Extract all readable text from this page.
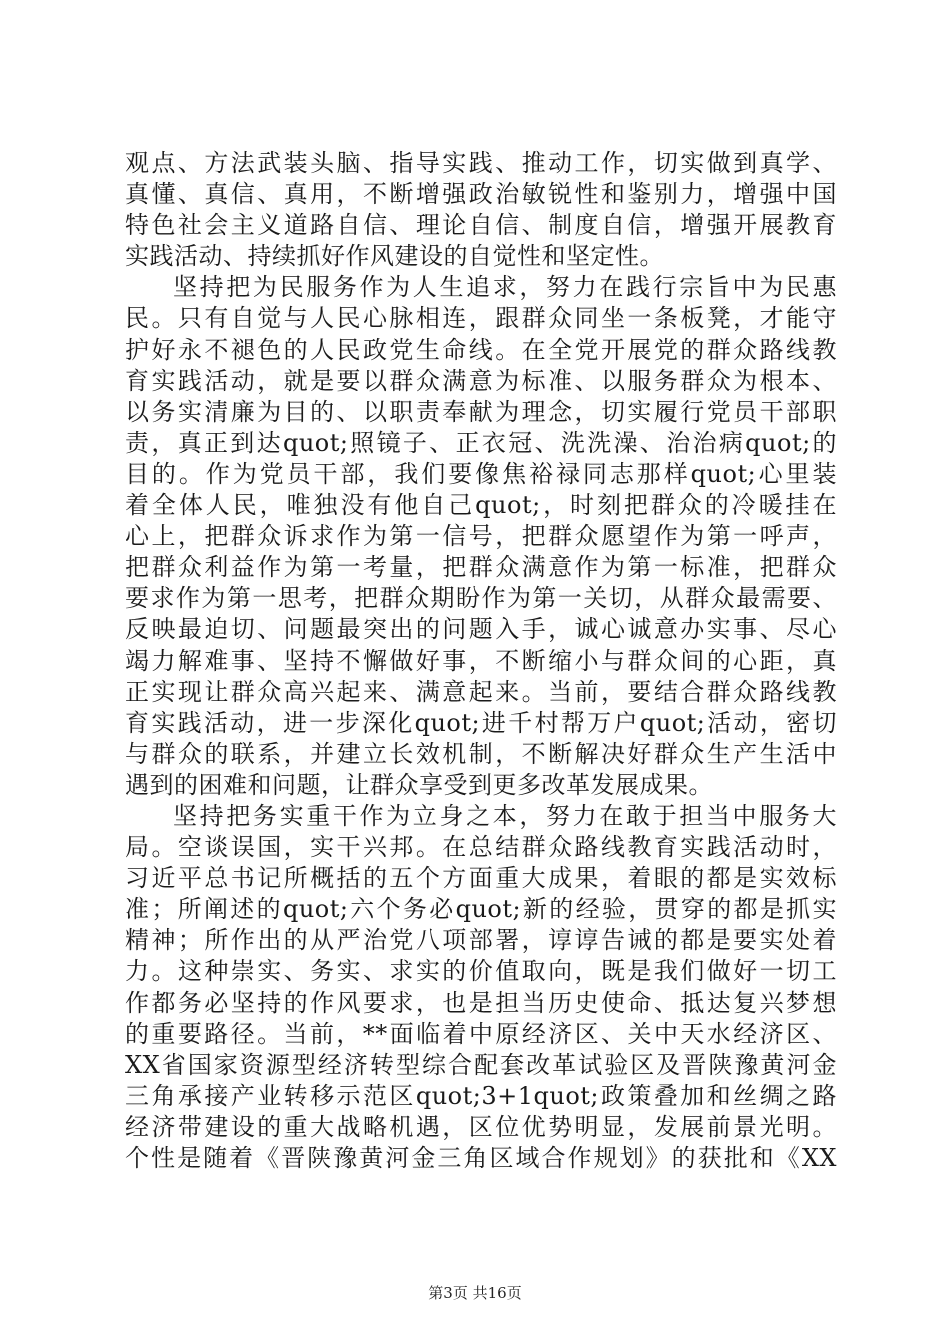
观点、方法武装头脑、指导实践、推动工作，切实做到真学、
真懂、真信、真用，不断增强政治敏锐性和鉴别力，增强中国
特色社会主义道路自信、理论自信、制度自信，增强开展教育
实践活动、持续抓好作风建设的自觉性和坚定性。
坚持把为民服务作为人生追求，努力在践行宗旨中为民惠
民。只有自觉与人民心脉相连，跟群众同坐一条板凳，才能守
护好永不褪色的人民政党生命线。在全党开展党的群众路线教
育实践活动，就是要以群众满意为标准、以服务群众为根本、
以务实清廉为目的、以职责奉献为理念，切实履行党员干部职
责，真正到达quot;照镜子、正衣冠、洗洗澡、治治病quot;的
目的。作为党员干部，我们要像焦裕禄同志那样quot;心里装
着全体人民，唯独没有他自己quot;，时刻把群众的冷暖挂在
心上，把群众诉求作为第一信号，把群众愿望作为第一呼声，
把群众利益作为第一考量，把群众满意作为第一标准，把群众
要求作为第一思考，把群众期盼作为第一关切，从群众最需要、
反映最迫切、问题最突出的问题入手，诚心诚意办实事、尽心
竭力解难事、坚持不懈做好事，不断缩小与群众间的心距，真
正实现让群众高兴起来、满意起来。当前，要结合群众路线教
育实践活动，进一步深化quot;进千村帮万户quot;活动，密切
与群众的联系，并建立长效机制，不断解决好群众生产生活中
遇到的困难和问题，让群众享受到更多改革发展成果。
坚持把务实重干作为立身之本，努力在敢于担当中服务大
局。空谈误国，实干兴邦。在总结群众路线教育实践活动时，
习近平总书记所概括的五个方面重大成果，着眼的都是实效标
准；所阐述的quot;六个务必quot;新的经验，贯穿的都是抓实
精神；所作出的从严治党八项部署，谆谆告诫的都是要实处着
力。这种崇实、务实、求实的价值取向，既是我们做好一切工
作都务必坚持的作风要求，也是担当历史使命、抵达复兴梦想
的重要路径。当前，**面临着中原经济区、关中天水经济区、
XX省国家资源型经济转型综合配套改革试验区及晋陕豫黄河金
三角承接产业转移示范区quot;3+1quot;政策叠加和丝绸之路
经济带建设的重大战略机遇，区位优势明显，发展前景光明。
个性是随着《晋陕豫黄河金三角区域合作规划》的获批和《XX
第3页 共16页
